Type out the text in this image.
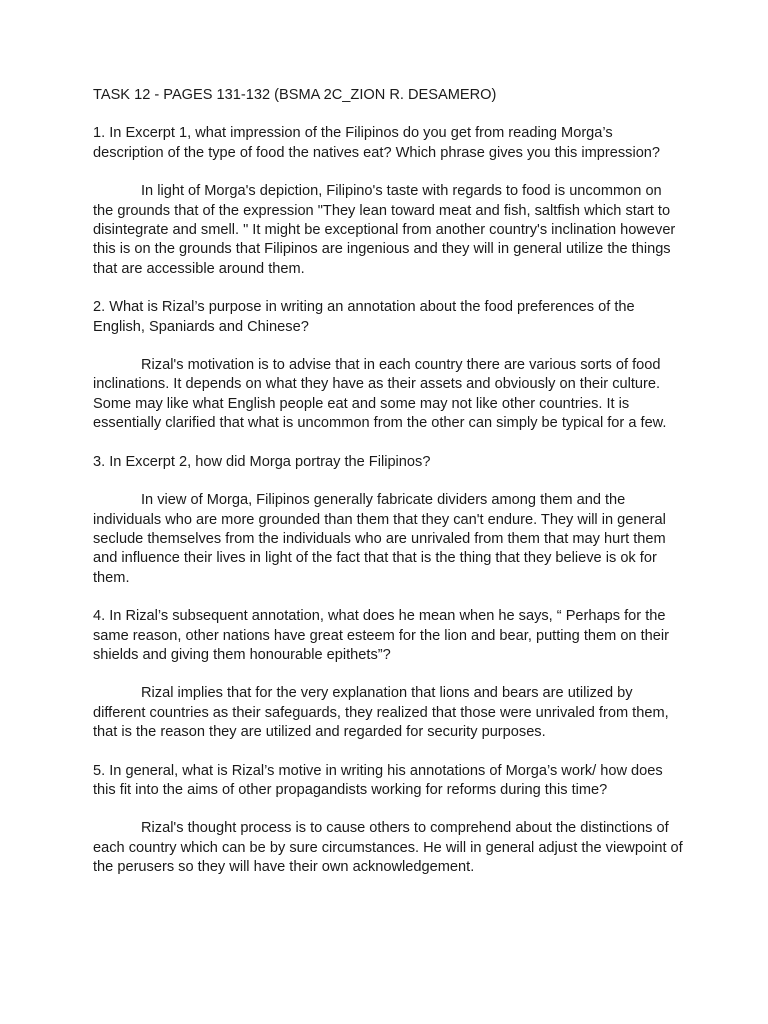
TASK 12 - PAGES 131-132 (BSMA 2C_ZION R. DESAMERO)

1. In Excerpt 1, what impression of the Filipinos do you get from reading Morga’s description of the type of food the natives eat? Which phrase gives you this impression?

In light of Morga's depiction, Filipino's taste with regards to food is uncommon on the grounds that of the expression "They lean toward meat and fish, saltfish which start to disintegrate and smell. " It might be exceptional from another country's inclination however this is on the grounds that Filipinos are ingenious and they will in general utilize the things that are accessible around them.

2. What is Rizal’s purpose in writing an annotation about the food preferences of the English, Spaniards and Chinese?

Rizal's motivation is to advise that in each country there are various sorts of food inclinations. It depends on what they have as their assets and obviously on their culture. Some may like what English people eat and some may not like other countries. It is essentially clarified that what is uncommon from the other can simply be typical for a few.

3. In Excerpt 2, how did Morga portray the Filipinos?

In view of Morga, Filipinos generally fabricate dividers among them and the individuals who are more grounded than them that they can't endure. They will in general seclude themselves from the individuals who are unrivaled from them that may hurt them and influence their lives in light of the fact that that is the thing that they believe is ok for them.

4. In Rizal’s subsequent annotation, what does he mean when he says, “ Perhaps for the same reason, other nations have great esteem for the lion and bear, putting them on their shields and giving them honourable epithets”?

Rizal implies that for the very explanation that lions and bears are utilized by different countries as their safeguards, they realized that those were unrivaled from them, that is the reason they are utilized and regarded for security purposes.

5. In general, what is Rizal’s motive in writing his annotations of Morga’s work/ how does this fit into the aims of other propagandists working for reforms during this time?

Rizal's thought process is to cause others to comprehend about the distinctions of each country which can be by sure circumstances. He will in general adjust the viewpoint of the perusers so they will have their own acknowledgement.
